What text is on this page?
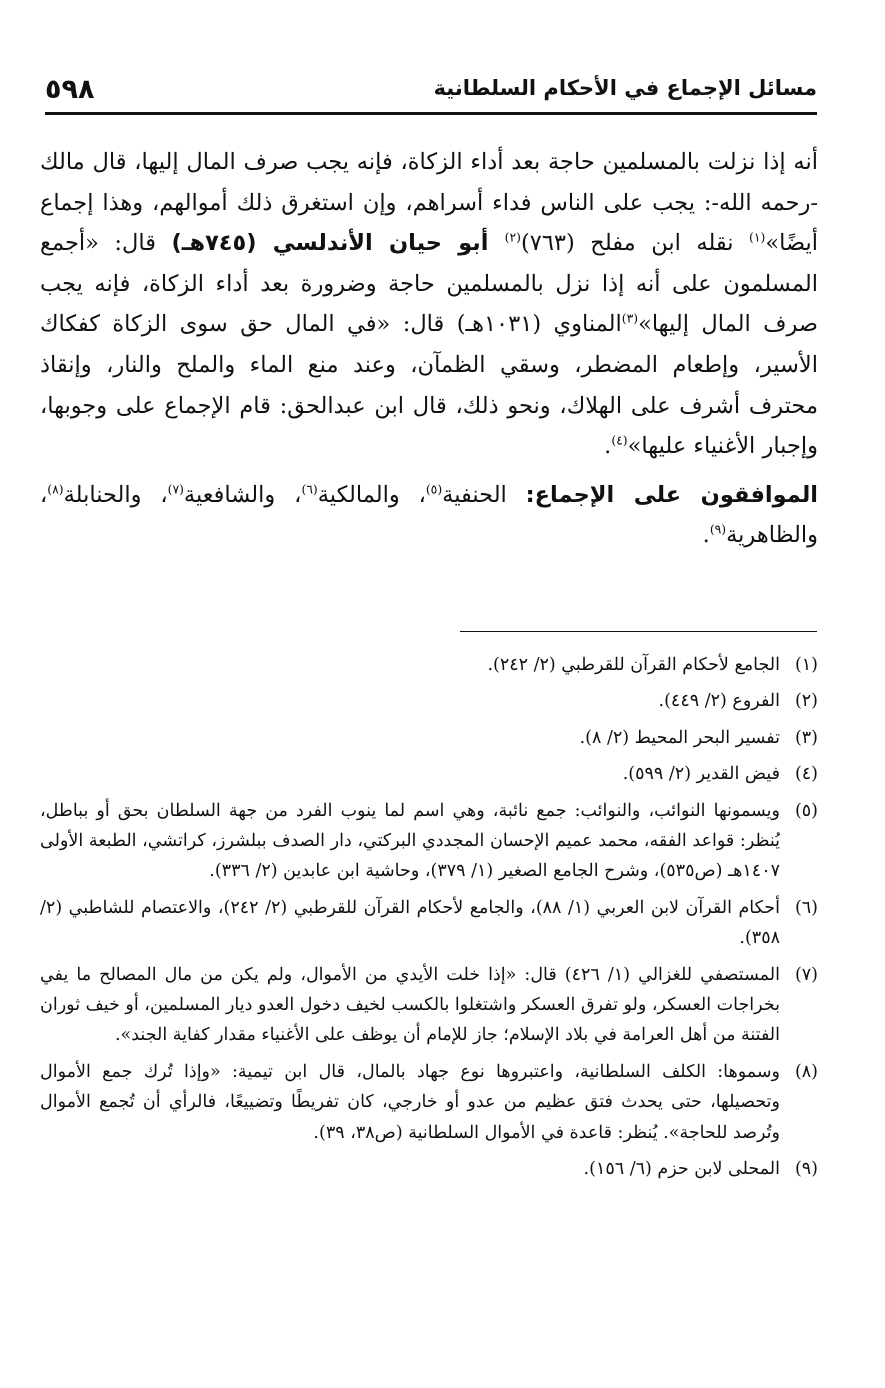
٥٩٨	مسائل الإجماع في الأحكام السلطانية

أنه إذا نزلت بالمسلمين حاجة بعد أداء الزكاة، فإنه يجب صرف المال إليها، قال مالك -رحمه الله-: يجب على الناس فداء أسراهم، وإن استغرق ذلك أموالهم، وهذا إجماع أيضًا»$^{(١)}$ نقله ابن مفلح (٧٦٣)$^{(٢)}$ أبو حيان الأندلسي (٧٤٥هـ) قال: «أجمع المسلمون على أنه إذا نزل بالمسلمين حاجة وضرورة بعد أداء الزكاة، فإنه يجب صرف المال إليها»$^{(٣)}$المناوي (١٠٣١هـ) قال: «في المال حق سوى الزكاة كفكاك الأسير، وإطعام المضطر، وسقي الظمآن، وعند منع الماء والملح والنار، وإنقاذ محترف أشرف على الهلاك، ونحو ذلك، قال ابن عبدالحق: قام الإجماع على وجوبها، وإجبار الأغنياء عليها»$^{(٤)}$.

الموافقون على الإجماع: الحنفية$^{(٥)}$، والمالكية$^{(٦)}$، والشافعية$^{(٧)}$، والحنابلة$^{(٨)}$، والظاهرية$^{(٩)}$.

(١)
الجامع لأحكام القرآن للقرطبي (٢/ ٢٤٢).
(٢)
الفروع (٢/ ٤٤٩).
(٣)
تفسير البحر المحيط (٢/ ٨).
(٤)
فيض القدير (٢/ ٥٩٩).
(٥)
ويسمونها النوائب، والنوائب: جمع نائبة، وهي اسم لما ينوب الفرد من جهة السلطان بحق أو بباطل، يُنظر: قواعد الفقه، محمد عميم الإحسان المجددي البركتي، دار الصدف ببلشرز، كراتشي، الطبعة الأولى ١٤٠٧هـ (ص٥٣٥)، وشرح الجامع الصغير (١/ ٣٧٩)، وحاشية ابن عابدين (٢/ ٣٣٦).
(٦)
أحكام القرآن لابن العربي (١/ ٨٨)، والجامع لأحكام القرآن للقرطبي (٢/ ٢٤٢)، والاعتصام للشاطبي (٢/ ٣٥٨).
(٧)
المستصفي للغزالي (١/ ٤٢٦) قال: «إذا خلت الأيدي من الأموال، ولم يكن من مال المصالح ما يفي بخراجات العسكر، ولو تفرق العسكر واشتغلوا بالكسب لخيف دخول العدو ديار المسلمين، أو خيف ثوران الفتنة من أهل العرامة في بلاد الإسلام؛ جاز للإمام أن يوظف على الأغنياء مقدار كفاية الجند».
(٨)
وسموها: الكلف السلطانية، واعتبروها نوع جهاد بالمال، قال ابن تيمية: «وإذا تُرك جمع الأموال وتحصيلها، حتى يحدث فتق عظيم من عدو أو خارجي، كان تفريطًا وتضييعًا، فالرأي أن تُجمع الأموال وتُرصد للحاجة». يُنظر: قاعدة في الأموال السلطانية (ص٣٨، ٣٩).
(٩)
المحلى لابن حزم (٦/ ١٥٦).
